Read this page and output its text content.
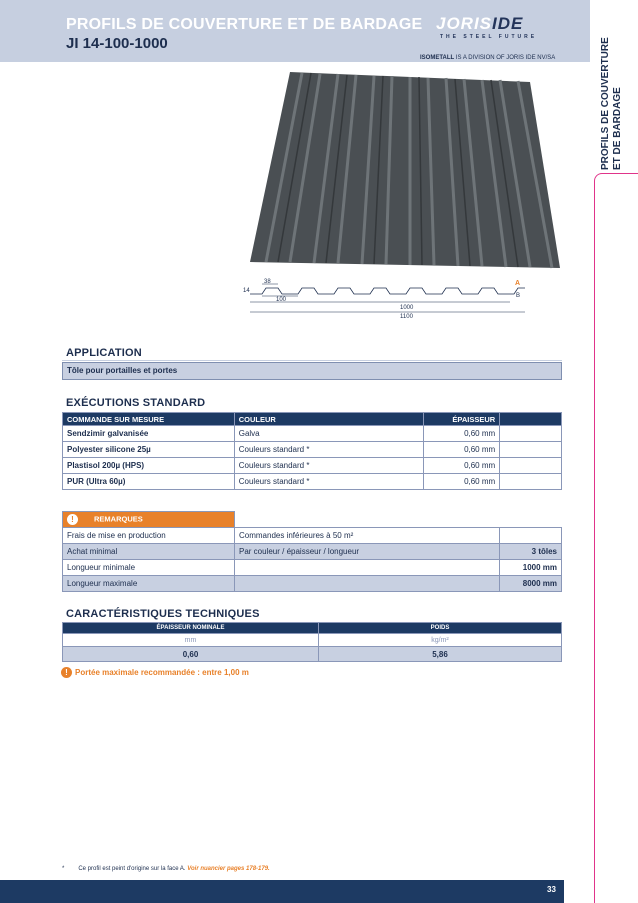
PROFILS DE COUVERTURE ET DE BARDAGE
JI 14-100-1000
JORISIDE
THE STEEL FUTURE
ISOMETALL IS A DIVISION OF JORIS IDE NV/SA	PROFILS DE COUVERTURE ET DE BARDAGE
38
14
100
1000
1100
A
B
APPLICATION
Tôle pour portailles et portes
EXÉCUTIONS STANDARD
COMMANDE SUR MESURE	COULEUR	ÉPAISSEUR	
Sendzimir galvanisée	Galva	0,60 mm	
Polyester silicone 25µ	Couleurs standard *	0,60 mm	
Plastisol 200µ (HPS)	Couleurs standard *	0,60 mm	
PUR (Ultra 60µ)	Couleurs standard *	0,60 mm	
! REMARQUES		
Frais de mise en production	Commandes inférieures à 50 m²	
Achat minimal	Par couleur / épaisseur / longueur	3 tôles
Longueur minimale		1000 mm
Longueur maximale		8000 mm
CARACTÉRISTIQUES TECHNIQUES
ÉPAISSEUR NOMINALE	POIDS
mm	kg/m²
0,60	5,86
! Portée maximale recommandée : entre 1,00 m
* Ce profil est peint d'origine sur la face A. Voir nuancier pages 178-179.
33
